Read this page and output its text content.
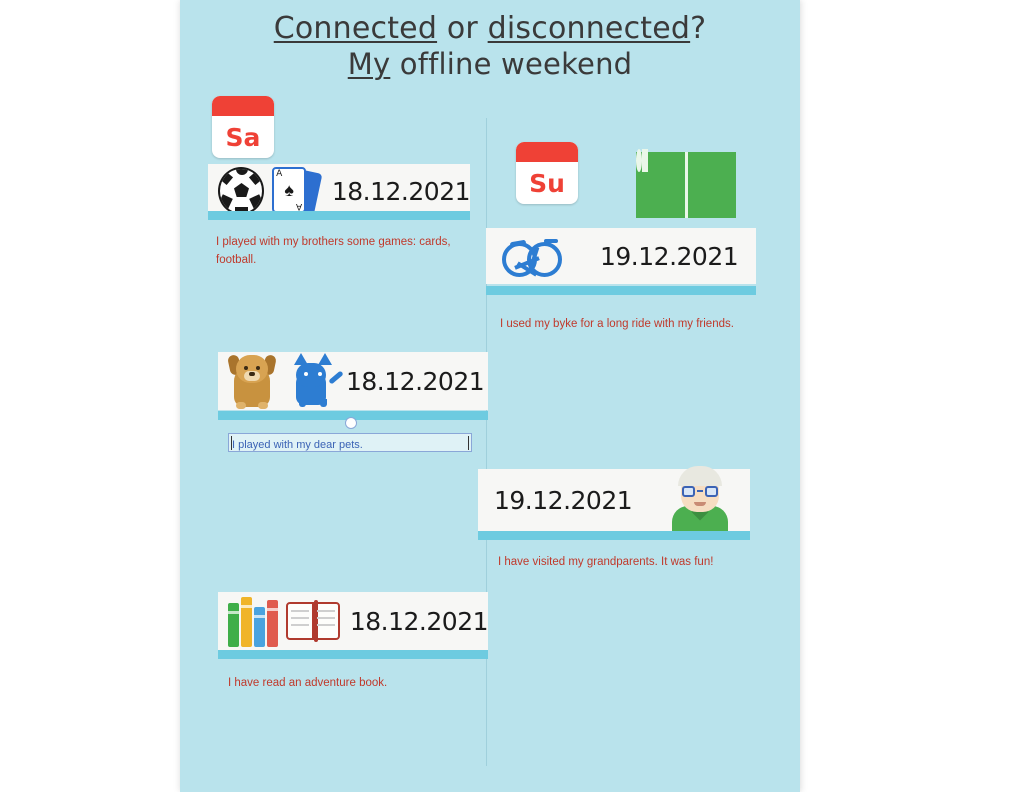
Connected or disconnected?
My offline weekend
Sa
A
♠
A
18.12.2021
I played with my brothers some games: cards, football.
Su
19.12.2021
I used my byke for a long ride with my friends.
18.12.2021
I played with my dear pets.
19.12.2021
I have visited my grandparents. It was fun!
18.12.2021
I have read an adventure book.
